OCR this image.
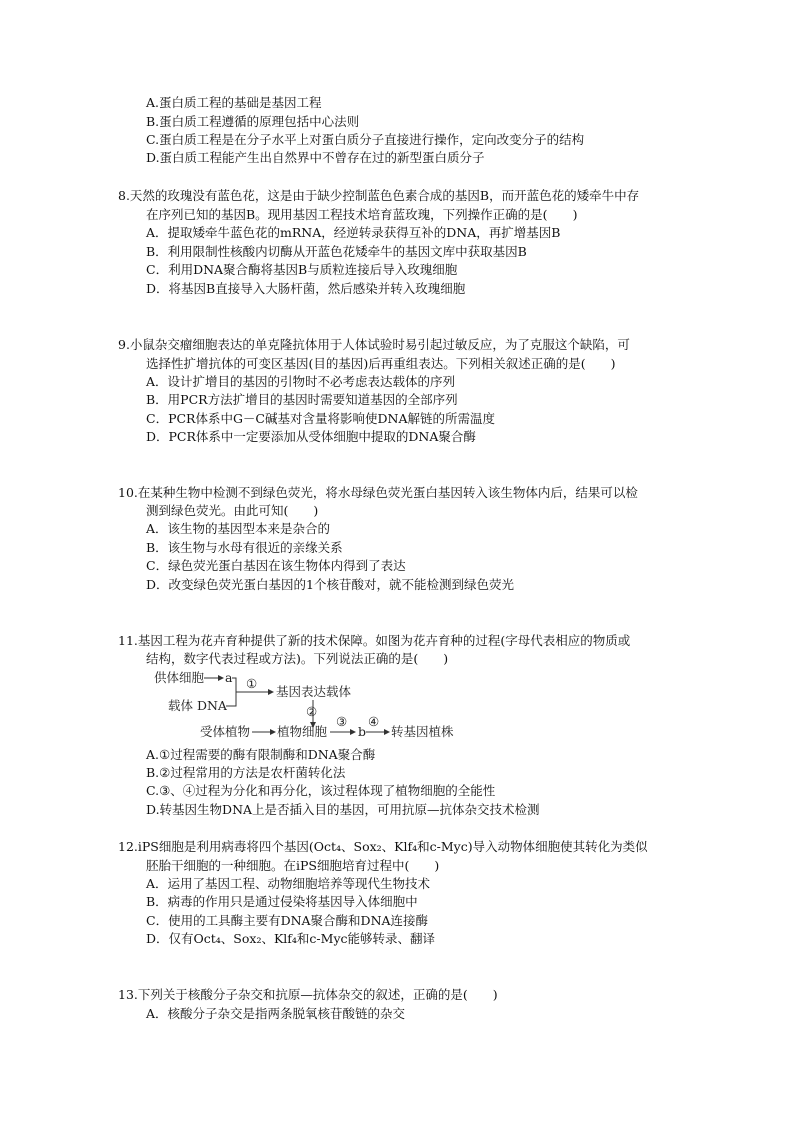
A.蛋白质工程的基础是基因工程
B.蛋白质工程遵循的原理包括中心法则
C.蛋白质工程是在分子水平上对蛋白质分子直接进行操作，定向改变分子的结构
D.蛋白质工程能产生出自然界中不曾存在过的新型蛋白质分子
8.天然的玫瑰没有蓝色花，这是由于缺少控制蓝色色素合成的基因B，而开蓝色花的矮牵牛中存
在序列已知的基因B。现用基因工程技术培育蓝玫瑰，下列操作正确的是(　　)
A．提取矮牵牛蓝色花的mRNA，经逆转录获得互补的DNA，再扩增基因B
B．利用限制性核酸内切酶从开蓝色花矮牵牛的基因文库中获取基因B
C．利用DNA聚合酶将基因B与质粒连接后导入玫瑰细胞
D．将基因B直接导入大肠杆菌，然后感染并转入玫瑰细胞
9.小鼠杂交瘤细胞表达的单克隆抗体用于人体试验时易引起过敏反应，为了克服这个缺陷，可
选择性扩增抗体的可变区基因(目的基因)后再重组表达。下列相关叙述正确的是(　　)
A．设计扩增目的基因的引物时不必考虑表达载体的序列
B．用PCR方法扩增目的基因时需要知道基因的全部序列
C．PCR体系中G－C碱基对含量将影响使DNA解链的所需温度
D．PCR体系中一定要添加从受体细胞中提取的DNA聚合酶
10.在某种生物中检测不到绿色荧光，将水母绿色荧光蛋白基因转入该生物体内后，结果可以检
测到绿色荧光。由此可知(　　)
A．该生物的基因型本来是杂合的
B．该生物与水母有很近的亲缘关系
C．绿色荧光蛋白基因在该生物体内得到了表达
D．改变绿色荧光蛋白基因的1个核苷酸对，就不能检测到绿色荧光
11.基因工程为花卉育种提供了新的技术保障。如图为花卉育种的过程(字母代表相应的物质或
结构，数字代表过程或方法)。下列说法正确的是(　　)
供体细胞 a
载体 DNA
①
基因表达载体
②
受体植物 植物细胞
③
b
④
转基因植株
A.①过程需要的酶有限制酶和DNA聚合酶
B.②过程常用的方法是农杆菌转化法
C.③、④过程为分化和再分化，该过程体现了植物细胞的全能性
D.转基因生物DNA上是否插入目的基因，可用抗原—抗体杂交技术检测
12.iPS细胞是利用病毒将四个基因(Oct₄、Sox₂、Klf₄和c-Myc)导入动物体细胞使其转化为类似
胚胎干细胞的一种细胞。在iPS细胞培育过程中(　　)
A．运用了基因工程、动物细胞培养等现代生物技术
B．病毒的作用只是通过侵染将基因导入体细胞中
C．使用的工具酶主要有DNA聚合酶和DNA连接酶
D．仅有Oct₄、Sox₂、Klf₄和c-Myc能够转录、翻译
13.下列关于核酸分子杂交和抗原—抗体杂交的叙述，正确的是(　　)
A．核酸分子杂交是指两条脱氧核苷酸链的杂交
